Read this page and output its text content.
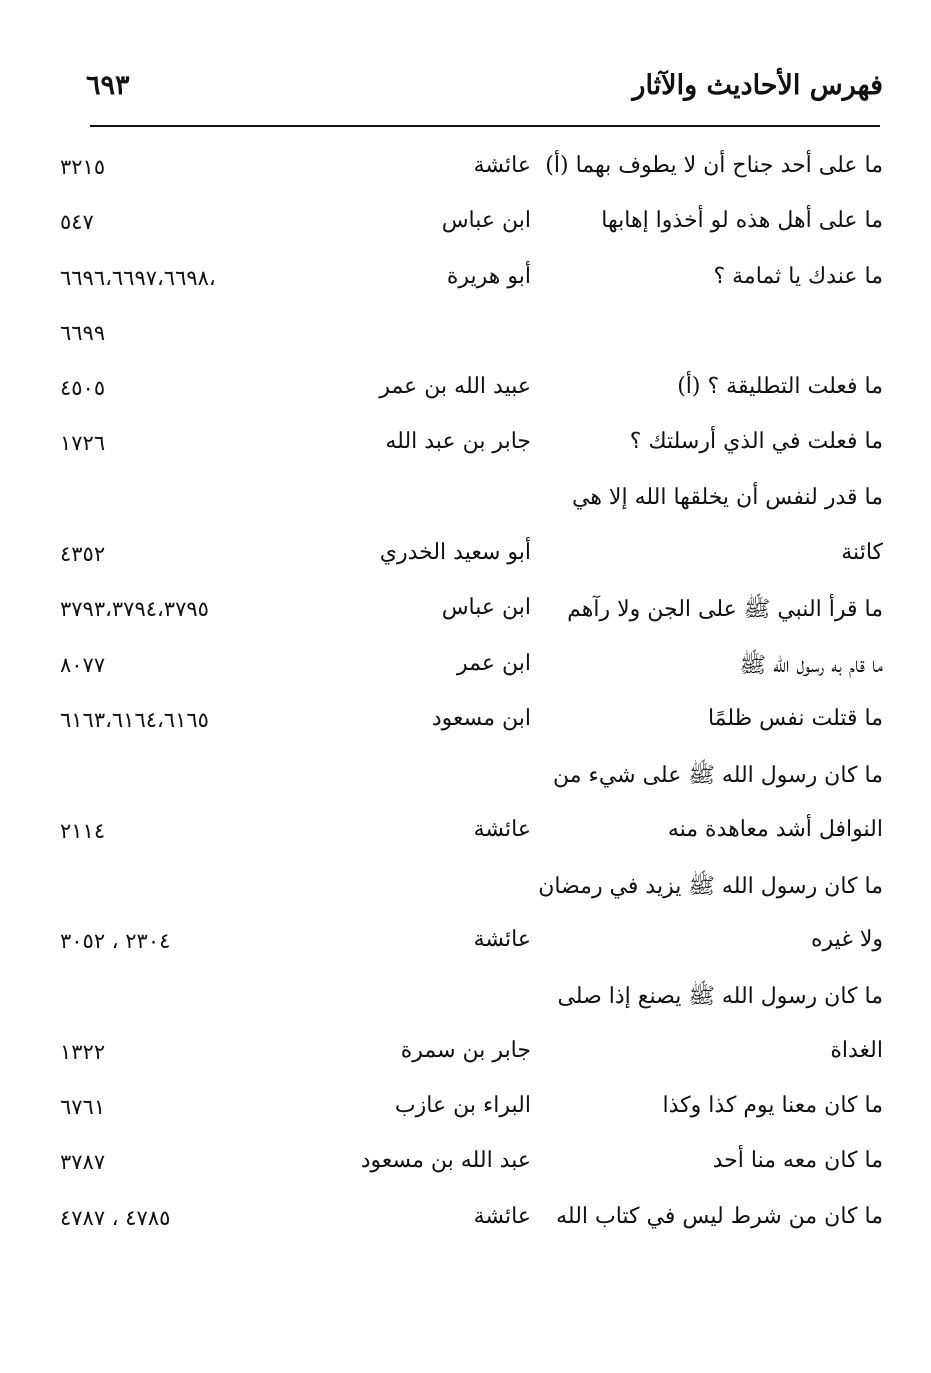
فهرس الأحاديث والآثار
٦٩٣
ما على أحد جناح أن لا يطوف بهما (أ)
عائشة
٣٢١٥
ما على أهل هذه لو أخذوا إهابها
ابن عباس
٥٤٧
ما عندك يا ثمامة ؟
أبو هريرة
٦٦٩٦،٦٦٩٧،٦٦٩٨،
٦٦٩٩
ما فعلت التطليقة ؟ (أ)
عبيد الله بن عمر
٤٥٠٥
ما فعلت في الذي أرسلتك ؟
جابر بن عبد الله
١٧٢٦
ما قدر لنفس أن يخلقها الله إلا هي
كائنة
أبو سعيد الخدري
٤٣٥٢
ما قرأ النبي ﷺ على الجن ولا رآهم
ابن عباس
٣٧٩٣،٣٧٩٤،٣٧٩٥
ما قام به رسول الله ﷺ
ابن عمر
٨٠٧٧
ما قتلت نفس ظلمًا
ابن مسعود
٦١٦٣،٦١٦٤،٦١٦٥
ما كان رسول الله ﷺ على شيء من
النوافل أشد معاهدة منه
عائشة
٢١١٤
ما كان رسول الله ﷺ يزيد في رمضان
ولا غيره
عائشة
٢٣٠٤ ، ٣٠٥٢
ما كان رسول الله ﷺ يصنع إذا صلى
الغداة
جابر بن سمرة
١٣٢٢
ما كان معنا يوم كذا وكذا
البراء بن عازب
٦٧٦١
ما كان معه منا أحد
عبد الله بن مسعود
٣٧٨٧
ما كان من شرط ليس في كتاب الله
عائشة
٤٧٨٥ ، ٤٧٨٧
